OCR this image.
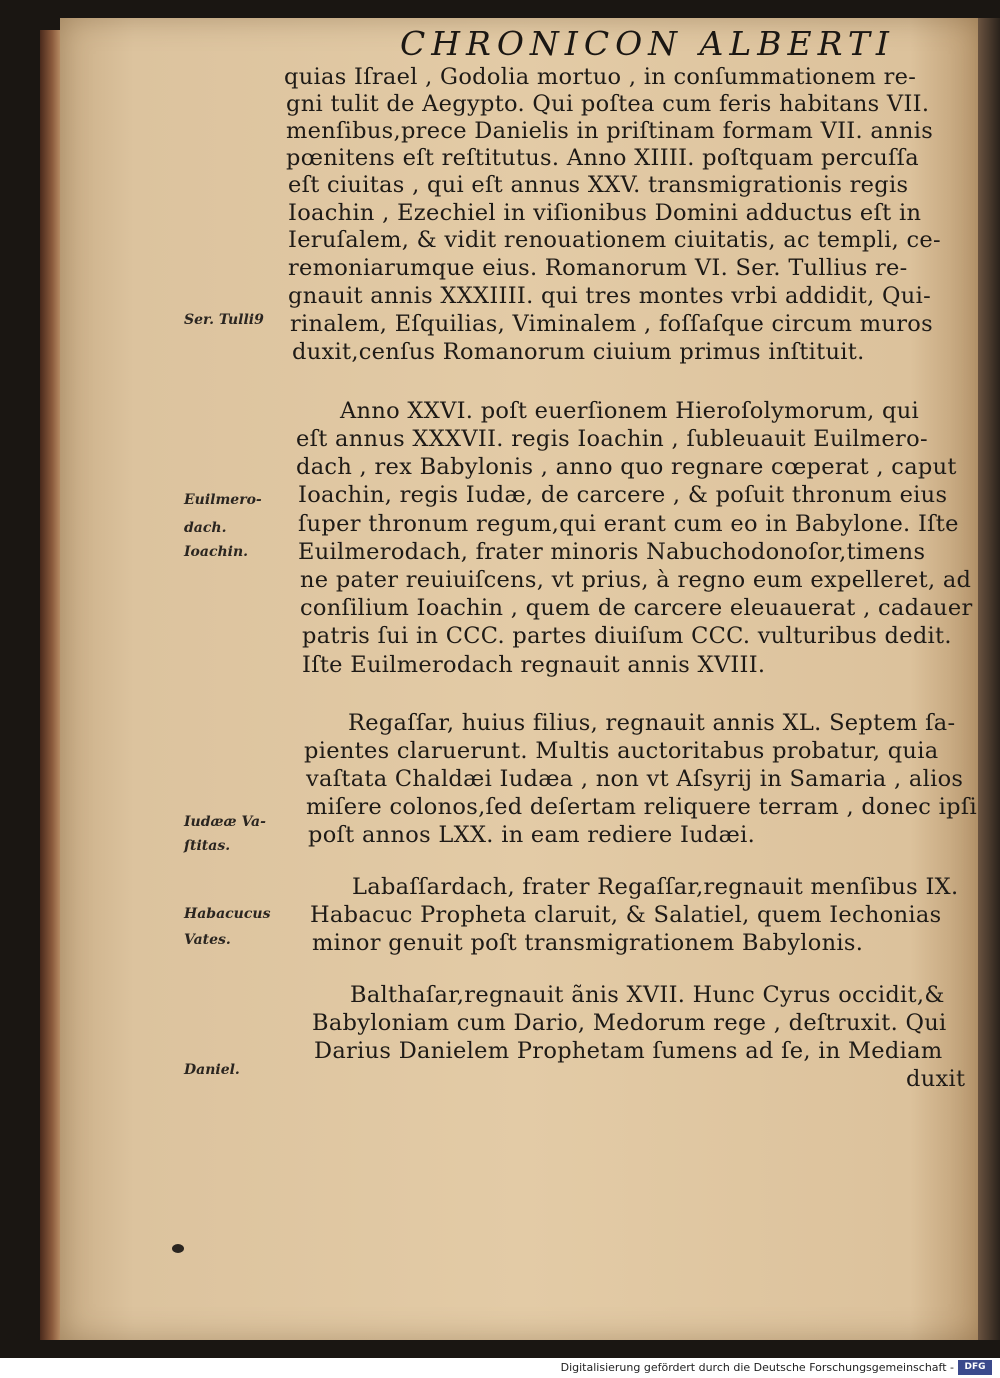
CHRONICON ALBERTI
Ser. Tulli9
Euilmero-
dach.
Ioachin.
Iudææ Va-
ſtitas.
Habacucus
Vates.
Daniel.
quias Iſrael , Godolia mortuo , in conſummationem re-
gni tulit de Aegypto. Qui poſtea cum feris habitans VII.
menſibus,prece Danielis in priſtinam formam VII. annis
pœnitens eſt reſtitutus. Anno XIIII. poſtquam percuſſa
eſt ciuitas , qui eſt annus XXV. transmigrationis regis
Ioachin , Ezechiel in viſionibus Domini adductus eſt in
Ieruſalem, & vidit renouationem ciuitatis, ac templi, ce-
remoniarumque eius. Romanorum VI. Ser. Tullius re-
gnauit annis XXXIIII. qui tres montes vrbi addidit, Qui-
rinalem, Eſquilias, Viminalem , foſſaſque circum muros
duxit,cenſus Romanorum ciuium primus inſtituit.
Anno XXVI. poſt euerſionem Hieroſolymorum, qui
eſt annus XXXVII. regis Ioachin , ſubleuauit Euilmero-
dach , rex Babylonis , anno quo regnare cœperat , caput
Ioachin, regis Iudæ, de carcere , & poſuit thronum eius
ſuper thronum regum,qui erant cum eo in Babylone. Iſte
Euilmerodach, frater minoris Nabuchodonoſor,timens
ne pater reuiuiſcens, vt prius, à regno eum expelleret, ad
conſilium Ioachin , quem de carcere eleuauerat , cadauer
patris ſui in CCC. partes diuiſum CCC. vulturibus dedit.
Iſte Euilmerodach regnauit annis XVIII.
Regaſſar, huius filius, regnauit annis XL. Septem ſa-
pientes claruerunt. Multis auctoritabus probatur, quia
vaſtata Chaldæi Iudæa , non vt Aſsyrij in Samaria , alios
miſere colonos,ſed deſertam reliquere terram , donec ipſi
poſt annos LXX. in eam rediere Iudæi.
Labaſſardach, frater Regaſſar,regnauit menſibus IX.
Habacuc Propheta claruit, & Salatiel, quem Iechonias
minor genuit poſt transmigrationem Babylonis.
Balthaſar,regnauit ãnis XVII. Hunc Cyrus occidit,&
Babyloniam cum Dario, Medorum rege , deſtruxit. Qui
Darius Danielem Prophetam ſumens ad ſe, in Mediam
duxit
Digitalisierung gefördert durch die Deutsche Forschungsgemeinschaft -	DFG
